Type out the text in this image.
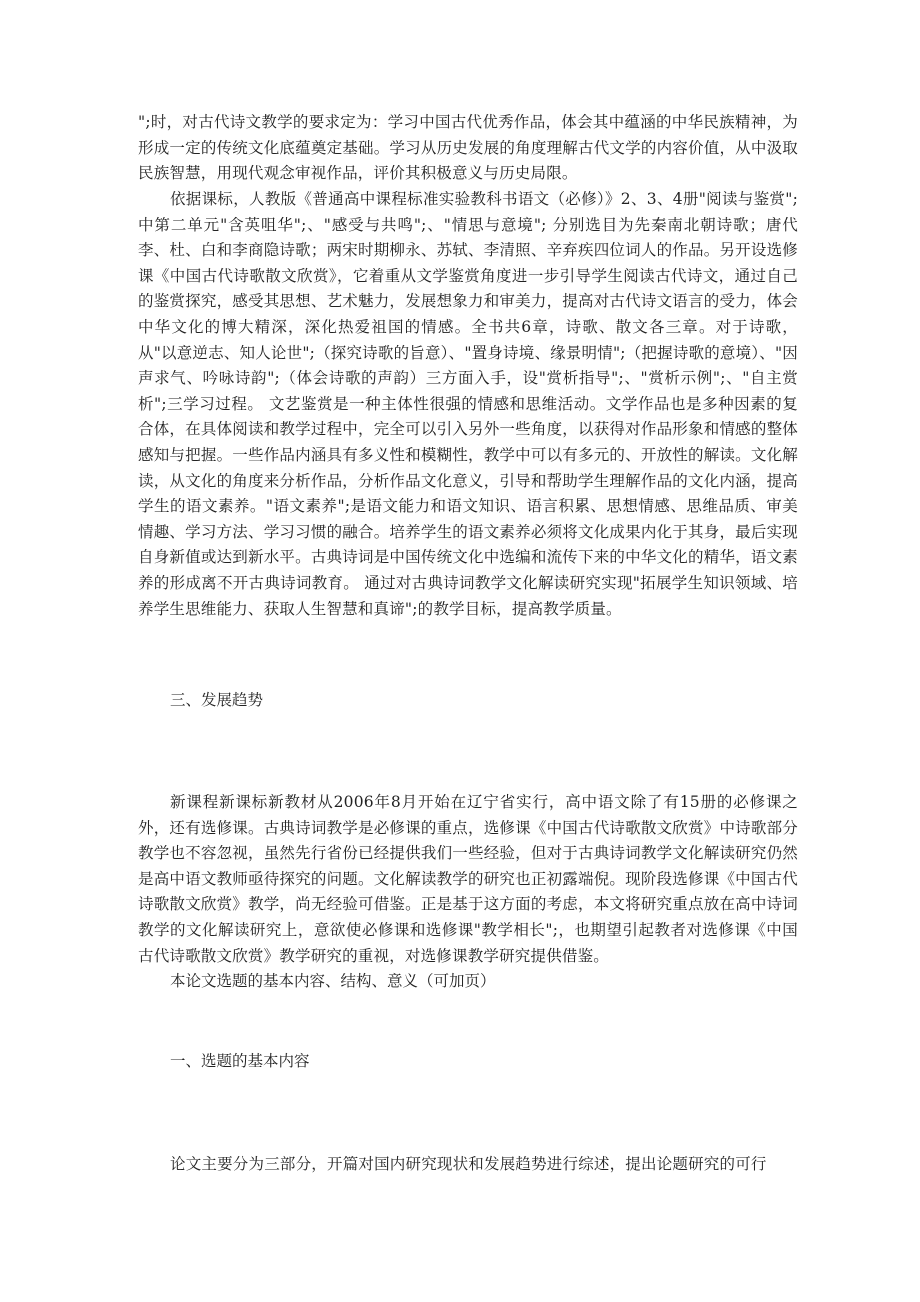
";时，对古代诗文教学的要求定为：学习中国古代优秀作品，体会其中蕴涵的中华民族精神，为形成一定的传统文化底蕴奠定基础。学习从历史发展的角度理解古代文学的内容价值，从中汲取民族智慧，用现代观念审视作品，评价其积极意义与历史局限。

依据课标，人教版《普通高中课程标准实验教科书语文（必修）》2、3、4册"阅读与鉴赏";中第二单元"含英咀华";、"感受与共鸣";、"情思与意境"; 分别选目为先秦南北朝诗歌；唐代李、杜、白和李商隐诗歌；两宋时期柳永、苏轼、李清照、辛弃疾四位词人的作品。另开设选修课《中国古代诗歌散文欣赏》，它着重从文学鉴赏角度进一步引导学生阅读古代诗文，通过自己的鉴赏探究，感受其思想、艺术魅力，发展想象力和审美力，提高对古代诗文语言的受力，体会中华文化的博大精深，深化热爱祖国的情感。全书共6章，诗歌、散文各三章。对于诗歌，从"以意逆志、知人论世";（探究诗歌的旨意）、"置身诗境、缘景明情";（把握诗歌的意境）、"因声求气、吟咏诗韵";（体会诗歌的声韵）三方面入手，设"赏析指导";、"赏析示例";、"自主赏析";三学习过程。 文艺鉴赏是一种主体性很强的情感和思维活动。文学作品也是多种因素的复合体，在具体阅读和教学过程中，完全可以引入另外一些角度，以获得对作品形象和情感的整体感知与把握。一些作品内涵具有多义性和模糊性，教学中可以有多元的、开放性的解读。文化解读，从文化的角度来分析作品，分析作品文化意义，引导和帮助学生理解作品的文化内涵，提高学生的语文素养。"语文素养";是语文能力和语文知识、语言积累、思想情感、思维品质、审美情趣、学习方法、学习习惯的融合。培养学生的语文素养必须将文化成果内化于其身，最后实现自身新值或达到新水平。古典诗词是中国传统文化中选编和流传下来的中华文化的精华，语文素养的形成离不开古典诗词教育。 通过对古典诗词教学文化解读研究实现"拓展学生知识领域、培养学生思维能力、获取人生智慧和真谛";的教学目标，提高教学质量。

三、发展趋势

新课程新课标新教材从2006年8月开始在辽宁省实行，高中语文除了有15册的必修课之外，还有选修课。古典诗词教学是必修课的重点，选修课《中国古代诗歌散文欣赏》中诗歌部分教学也不容忽视，虽然先行省份已经提供我们一些经验，但对于古典诗词教学文化解读研究仍然是高中语文教师亟待探究的问题。文化解读教学的研究也正初露端倪。现阶段选修课《中国古代诗歌散文欣赏》教学，尚无经验可借鉴。正是基于这方面的考虑，本文将研究重点放在高中诗词教学的文化解读研究上，意欲使必修课和选修课"教学相长";，也期望引起教者对选修课《中国古代诗歌散文欣赏》教学研究的重视，对选修课教学研究提供借鉴。

本论文选题的基本内容、结构、意义（可加页）

一、选题的基本内容

论文主要分为三部分，开篇对国内研究现状和发展趋势进行综述，提出论题研究的可行
